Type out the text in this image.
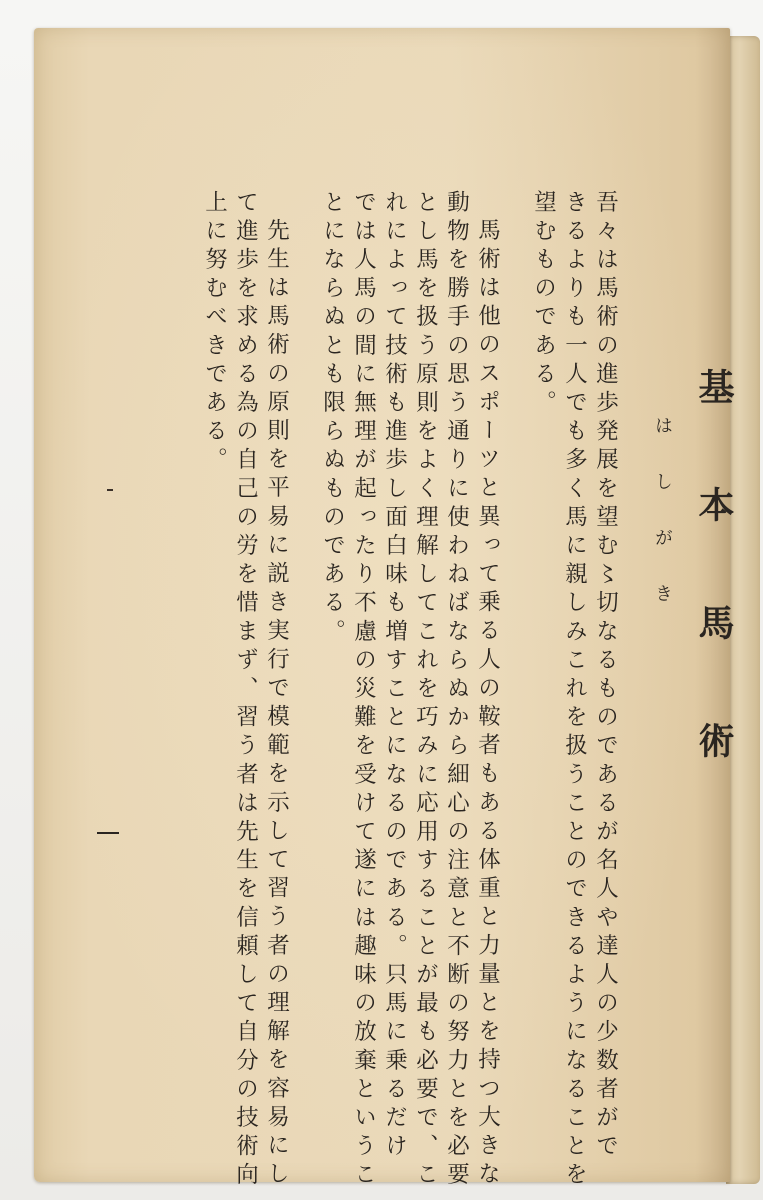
基本馬術
はしがき
吾々は馬術の進歩発展を望む〻切なるものであるが名人や達人の少数者がで
きるよりも一人でも多く馬に親しみこれを扱うことのできるようになることを
望むものである。
馬術は他のスポーツと異って乗る人の鞍者もある体重と力量とを持つ大きな
動物を勝手の思う通りに使わねばならぬから細心の注意と不断の努力とを必要
とし馬を扱う原則をよく理解してこれを巧みに応用することが最も必要で、こ
れによって技術も進歩し面白味も増すことになるのである。只馬に乗るだけ
では人馬の間に無理が起ったり不慮の災難を受けて遂には趣味の放棄というこ
とにならぬとも限らぬものである。
先生は馬術の原則を平易に説き実行で模範を示して習う者の理解を容易にし
て進歩を求める為の自己の労を惜まず、習う者は先生を信頼して自分の技術向
上に努むべきである。
